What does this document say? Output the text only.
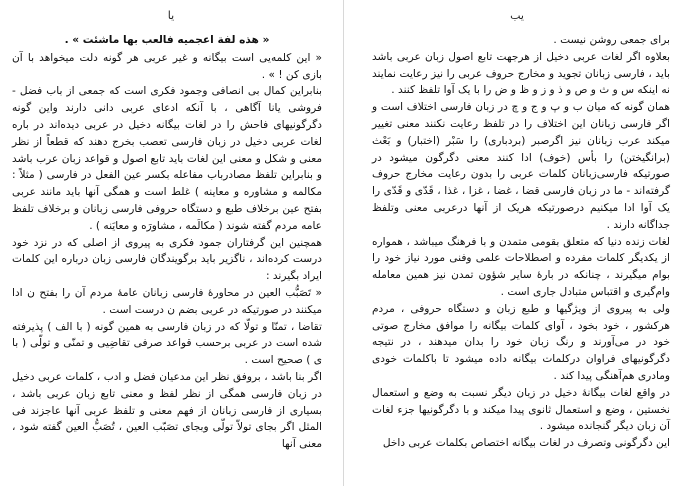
یا

« هذه لفة اعجميه فالعب بها ماشئت » .

« این کلمه‌یی است بیگانه و غیر عربی هر گونه دلت میخواهد با آن بازی کن ! » .

بنابراین کمال بی انصافی وجمود فکری است که جمعی از باب فضل - فروشی یانا آگاهی ، با آنکه ادعای عربی دانی دارند واین گونه دگرگونیهای فاحش را در لغات بیگانه دخیل در عربی دیده‌اند در باره لغات عربی دخیل در زبان فارسی تعصب بخرج دهند که قطعاً از نظر معنی و شکل و معنی این لغات باید تابع اصول و قواعد زبان عرب باشد و بنابراین تلفظ مصادرباب مفاعله بکسر عین الفعل در فارسی ( مثلاً : مکالمه و مشاوره و معاینه ) غلط است و همگی آنها باید مانند عربی بفتح عین برخلاف طبع و دستگاه حروفی فارسی زبانان و برخلاف تلفظ عامه مردم گفته شوند ( مکالَمه ، مشاورَه و معایَنه ) .

همچنین این گرفتاران جمود فکری به پیروی از اصلی که در نزد خود درست کرده‌اند ، ناگزیر باید برگویندگان فارسی زبان درباره این کلمات ایراد بگیرند :

« تَصَبُّب العین در محاورهٔ فارسی زبانان عامهٔ مردم آن را بفتح ن ادا میکنند در صورتیکه در عربی بضم ن درست است .

تقاضا ، تمنّا و تولّا که در زبان فارسی به همین گونه ( با الف ) پذیرفته شده است در عربی برحسب قواعد صرفی تقاضِیی و تمنّی و تولّی ( با ی ) صحیح است .

اگر بنا باشد ، بروفق نظر این مدعیان فضل و ادب ، کلمات عربی دخیل در زبان فارسی همگی از نظر لفظ و معنی تابع زبان عربی باشد ، بسیاری از فارسی زبانان از فهم معنی و تلفظ عربی آنها عاجزند فی المثل اگر بجای تولاّ تولّی وبجای تصَبّب العین ، تُصَبُّ العین گفته شود ، معنی آنها

یب

برای جمعی روشن نیست .

بعلاوه اگر لغات عربی دخیل از هرجهت تابع اصول زبان عربی باشد باید ، فارسی زبانان تجوید و مخارج حروف عربی را نیز رعایت نمایند نه اینکه س و ث و ص و ذ و ز و ظ و ض را با یک آوا تلفظ کنند .

همان گونه که میان ب و پ و ج و چ در زبان فارسی اختلاف است و اگر فارسی زبانان این اختلاف را در تلفظ رعایت نکنند معنی تغییر میکند عرب زبانان نیز اگرصبر (بردباری) را سَبْر (اختبار) و بَعْث (برانگیختن) را بأس (خوف) ادا کنند معنی دگرگون میشود در صورتیکه فارسی‌زبانان کلمات عربی را بدون رعایت مخارج حروف گرفته‌اند - ما در زبان فارسی قضا ، غضا ، غزا ، غذا ، قَدّی و قَدّی را یک آوا ادا میکنیم درصورتیکه هریک از آنها درعربی معنی وتلفظ جداگانه دارند .

لغات زنده دنیا که متعلق بقومی متمدن و با فرهنگ میباشد ، همواره از یکدیگر کلمات مفرده و اصطلاحات علمی وفنی مورد نیاز خود را بوام میگیرند ، چنانکه در بارهٔ سایر شؤون تمدن نیز همین معامله وام‌گیری و اقتباس متبادل جاری است .

ولی به پیروی از ویژگیها و طبع زبان و دستگاه حروفی ، مردم هرکشور ، خود بخود ، آوای کلمات بیگانه را موافق مخارج صوتی خود در می‌آورند و رنگ زبان خود را بدان میدهند ، در نتیجه دگرگونیهای فراوان درکلمات بیگانه داده میشود تا باکلمات خودی ومادری هم‌آهنگی پیدا کند .

در واقع لغات بیگانهٔ دخیل در زبان دیگر نسبت به وضع و استعمال نخستین ، وضع و استعمال ثانوی پیدا میکند و با دگرگونیها جزء لغات آن زبان دیگر گنجانده میشود .

این دگرگونی وتصرف در لغات بیگانه اختصاص بکلمات عربی داخل
